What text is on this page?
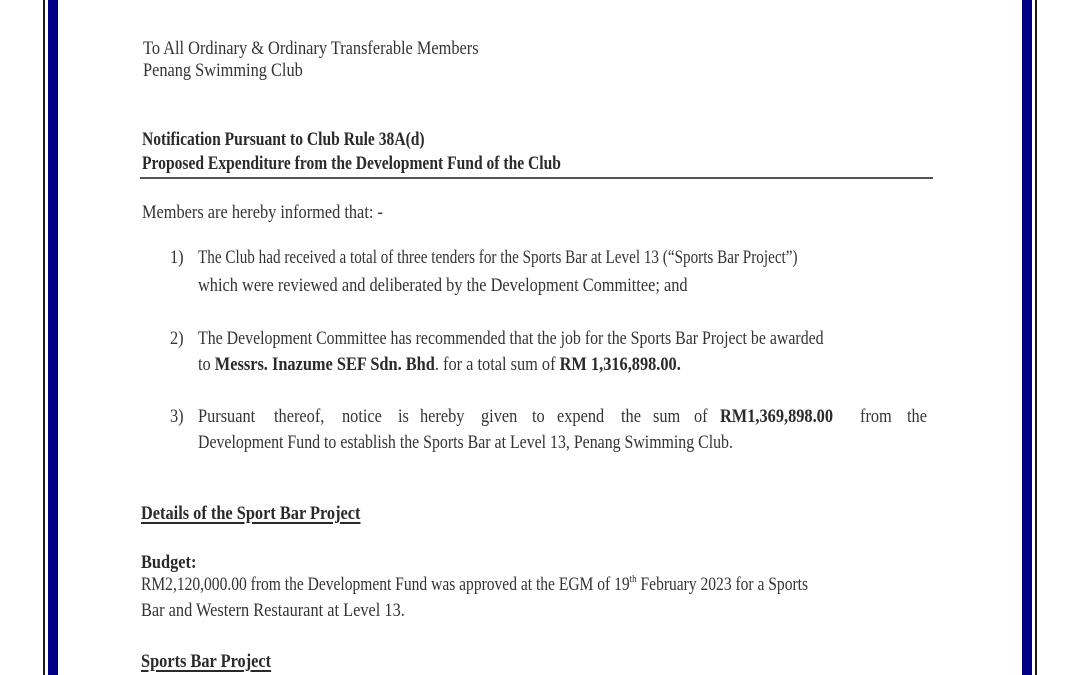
To All Ordinary & Ordinary Transferable Members
Penang Swimming Club
Notification Pursuant to Club Rule 38A(d)
Proposed Expenditure from the Development Fund of the Club
Members are hereby informed that: -
1) The Club had received a total of three tenders for the Sports Bar at Level 13 (“Sports Bar Project”)
which were reviewed and deliberated by the Development Committee; and
2) The Development Committee has recommended that the job for the Sports Bar Project be awarded
to Messrs. Inazume SEF Sdn. Bhd. for a total sum of RM 1,316,898.00.
3) Pursuant thereof, notice is hereby given to expend the sum of RM1,369,898.00 from the
Development Fund to establish the Sports Bar at Level 13, Penang Swimming Club.
Details of the Sport Bar Project
Budget:
RM2,120,000.00 from the Development Fund was approved at the EGM of 19th February 2023 for a Sports
Bar and Western Restaurant at Level 13.
Sports Bar Project
